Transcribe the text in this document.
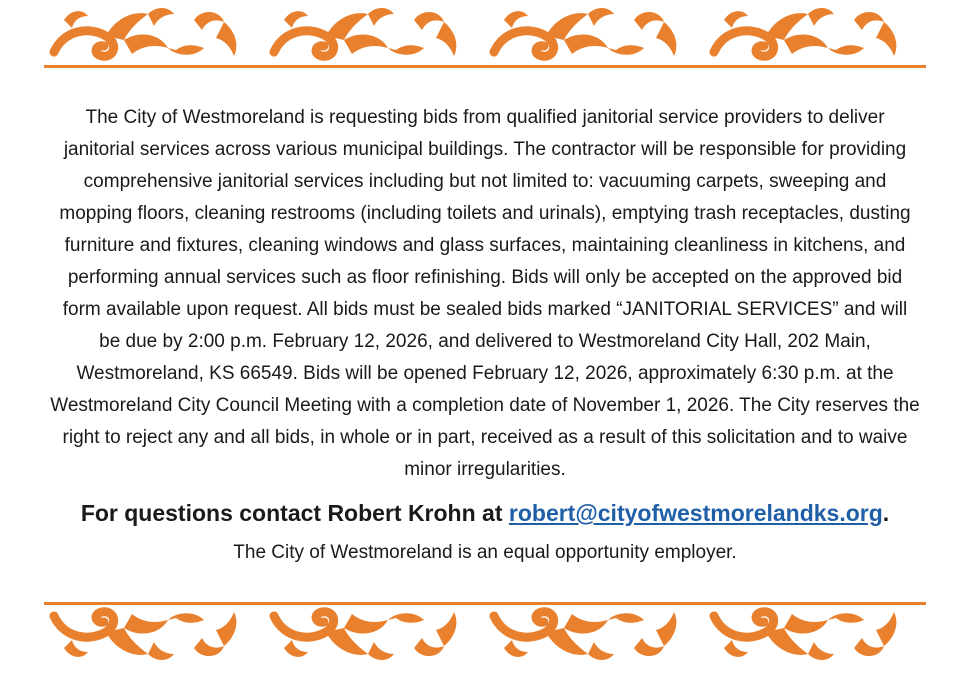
The City of Westmoreland is requesting bids from qualified janitorial service providers to deliver janitorial services across various municipal buildings. The contractor will be responsible for providing comprehensive janitorial services including but not limited to: vacuuming carpets, sweeping and mopping floors, cleaning restrooms (including toilets and urinals), emptying trash receptacles, dusting furniture and fixtures, cleaning windows and glass surfaces, maintaining cleanliness in kitchens, and performing annual services such as floor refinishing. Bids will only be accepted on the approved bid form available upon request. All bids must be sealed bids marked “JANITORIAL SERVICES” and will be due by 2:00 p.m. February 12, 2026, and delivered to Westmoreland City Hall, 202 Main, Westmoreland, KS 66549. Bids will be opened February 12, 2026, approximately 6:30 p.m. at the Westmoreland City Council Meeting with a completion date of November 1, 2026. The City reserves the right to reject any and all bids, in whole or in part, received as a result of this solicitation and to waive minor irregularities.

For questions contact Robert Krohn at robert@cityofwestmorelandks.org.

The City of Westmoreland is an equal opportunity employer.
